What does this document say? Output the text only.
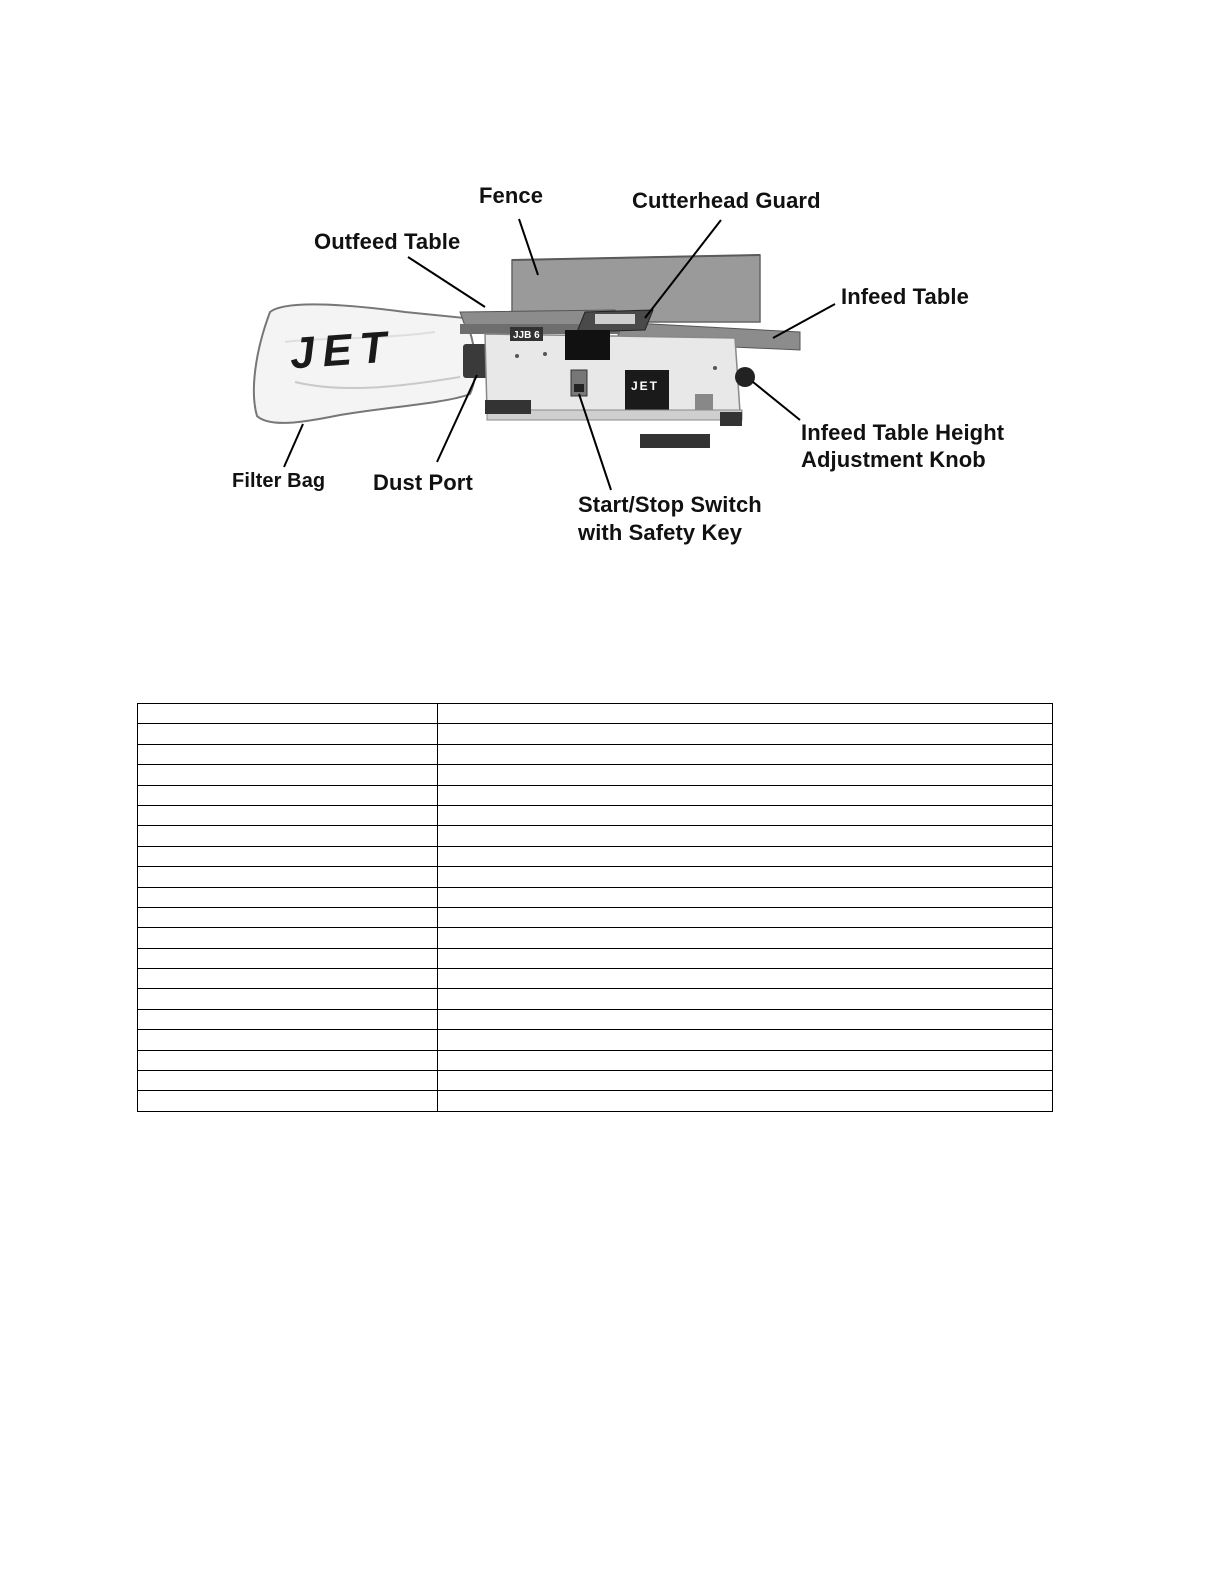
JET	JJB 6
JET
Fence	Cutterhead Guard
Outfeed Table
Infeed Table
Infeed Table Height
Adjustment Knob
Filter Bag Dust Port
Start/Stop Switch
with Safety Key
